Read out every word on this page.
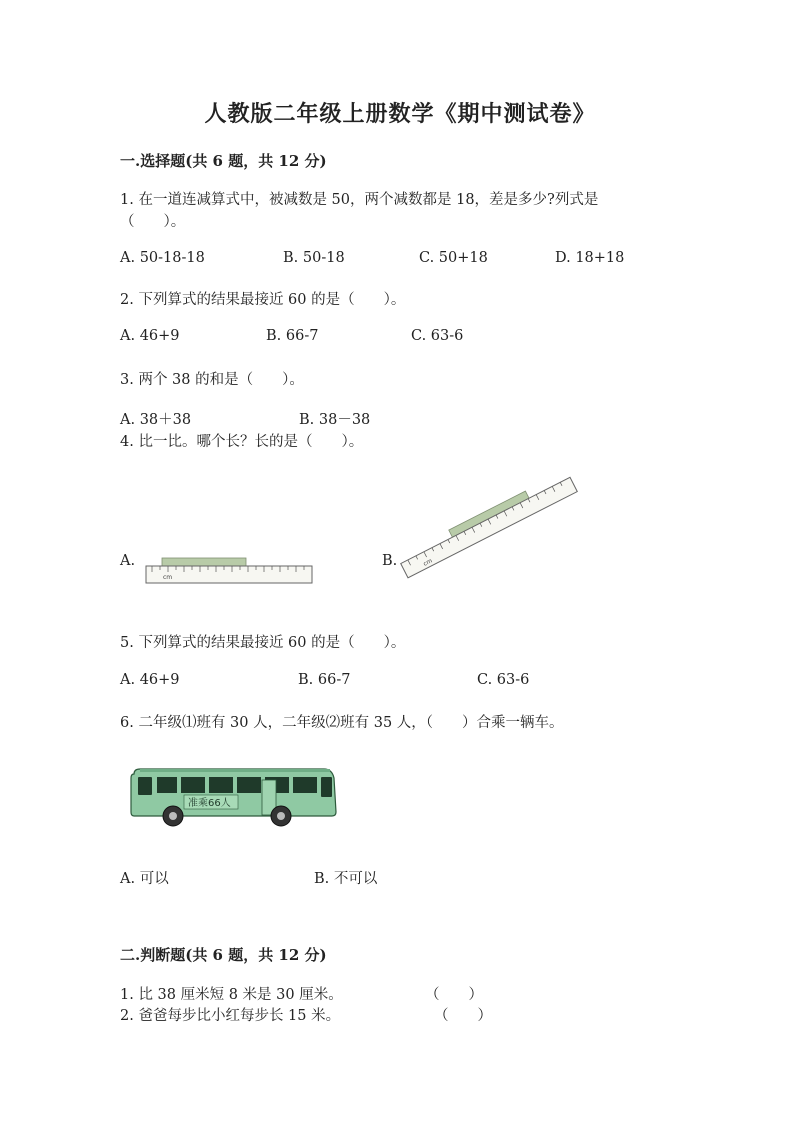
人教版二年级上册数学《期中测试卷》
一.选择题(共 6 题，共 12 分)
1. 在一道连减算式中，被减数是 50，两个减数都是 18，差是多少?列式是
（　　）。
A. 50-18-18	B. 50-18	C. 50+18	D. 18+18
2. 下列算式的结果最接近 60 的是（　　）。
A. 46+9	B. 66-7	C. 63-6
3. 两个 38 的和是（　　）。
A. 38＋38	B. 38－38
4. 比一比。哪个长？长的是（　　）。
A.	B.
cm
cm
5. 下列算式的结果最接近 60 的是（　　）。
A. 46+9	B. 66-7	C. 63-6
6. 二年级⑴班有 30 人，二年级⑵班有 35 人，（　　）合乘一辆车。
准乘66人
A. 可以	B. 不可以
二.判断题(共 6 题，共 12 分)
1. 比 38 厘米短 8 米是 30 厘米。	（　　）
2. 爸爸每步比小红每步长 15 米。	（　　）
